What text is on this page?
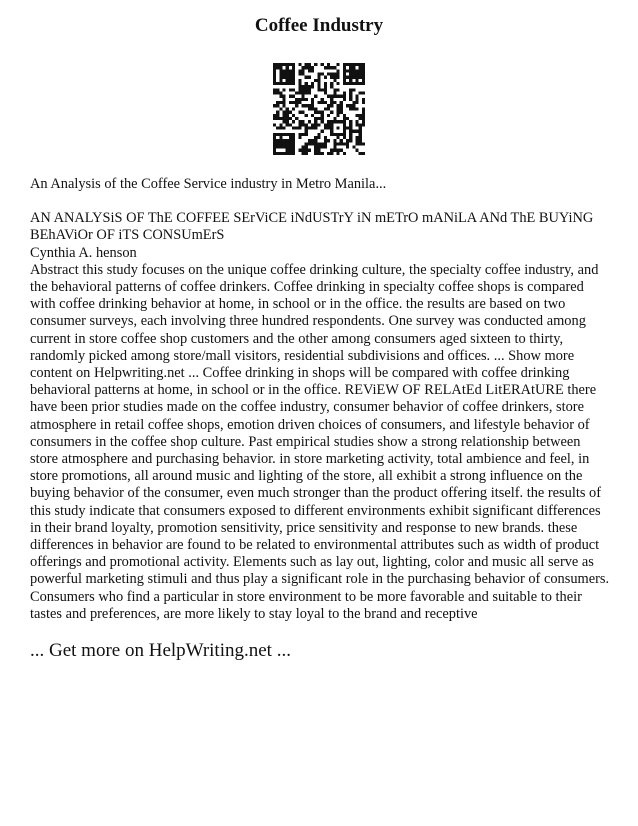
Coffee Industry

An Analysis of the Coffee Service industry in Metro Manila...

AN ANALYSiS OF ThE COFFEE SErViCE iNdUSTrY iN mETrO mANiLA ANd ThE BUYiNG BEhAViOr OF iTS CONSUmErS

Cynthia A. henson

Abstract this study focuses on the unique coffee drinking culture, the specialty coffee industry, and the behavioral patterns of coffee drinkers. Coffee drinking in specialty coffee shops is compared with coffee drinking behavior at home, in school or in the office. the results are based on two consumer surveys, each involving three hundred respondents. One survey was conducted among current in store coffee shop customers and the other among consumers aged sixteen to thirty, randomly picked among store/mall visitors, residential subdivisions and offices. ... Show more content on Helpwriting.net ... Coffee drinking in shops will be compared with coffee drinking behavioral patterns at home, in school or in the office. REViEW OF RELAtEd LitERAtURE there have been prior studies made on the coffee industry, consumer behavior of coffee drinkers, store atmosphere in retail coffee shops, emotion driven choices of consumers, and lifestyle behavior of consumers in the coffee shop culture. Past empirical studies show a strong relationship between store atmosphere and purchasing behavior. in store marketing activity, total ambience and feel, in store promotions, all around music and lighting of the store, all exhibit a strong influence on the buying behavior of the consumer, even much stronger than the product offering itself. the results of this study indicate that consumers exposed to different environments exhibit significant differences in their brand loyalty, promotion sensitivity, price sensitivity and response to new brands. these differences in behavior are found to be related to environmental attributes such as width of product offerings and promotional activity. Elements such as lay out, lighting, color and music all serve as powerful marketing stimuli and thus play a significant role in the purchasing behavior of consumers. Consumers who find a particular in store environment to be more favorable and suitable to their tastes and preferences, are more likely to stay loyal to the brand and receptive

... Get more on HelpWriting.net ...
